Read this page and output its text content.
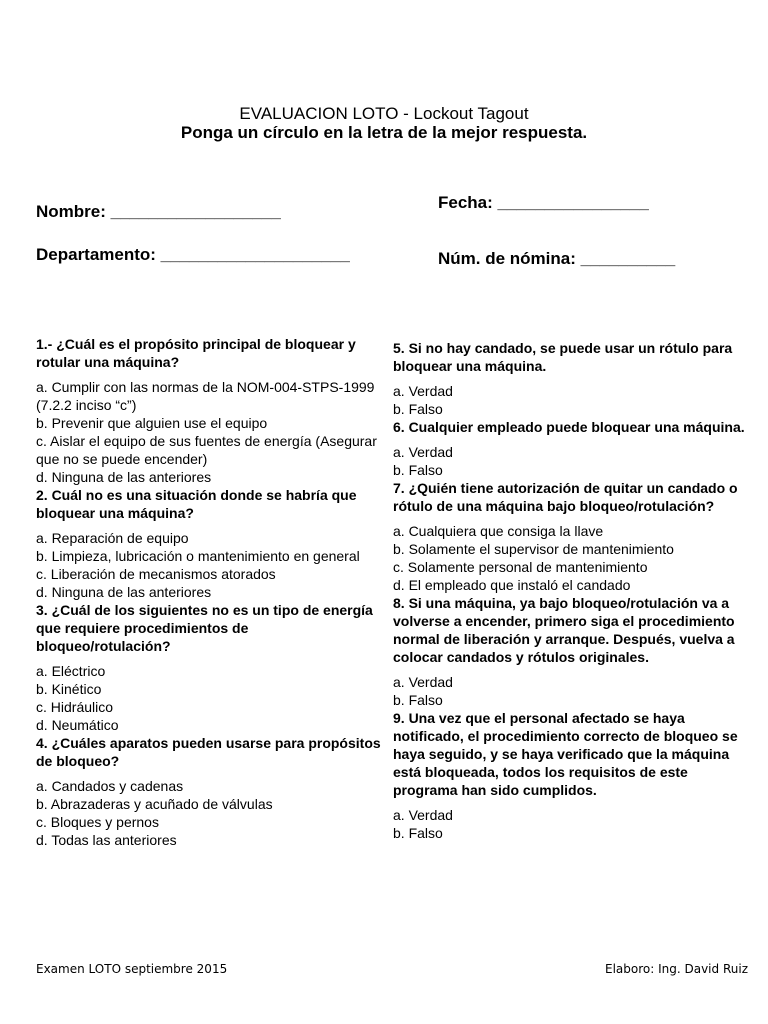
EVALUACION LOTO - Lockout Tagout
Ponga un círculo en la letra de la mejor respuesta.
Nombre: __________________
Departamento: ____________________
Fecha: ________________
Núm. de nómina: __________

1.- ¿Cuál es el propósito principal de bloquear y rotular una máquina?

a. Cumplir con las normas de la NOM-004-STPS-1999 (7.2.2 inciso “c”)

b. Prevenir que alguien use el equipo

c. Aislar el equipo de sus fuentes de energía (Asegurar que no se puede encender)

d. Ninguna de las anteriores

2. Cuál no es una situación donde se habría que bloquear una máquina?

a. Reparación de equipo

b. Limpieza, lubricación o mantenimiento en general

c. Liberación de mecanismos atorados

d. Ninguna de las anteriores

3. ¿Cuál de los siguientes no es un tipo de energía que requiere procedimientos de bloqueo/rotulación?

a. Eléctrico

b. Kinético

c. Hidráulico

d. Neumático

4. ¿Cuáles aparatos pueden usarse para propósitos de bloqueo?

a. Candados y cadenas

b. Abrazaderas y acuñado de válvulas

c. Bloques y pernos

d. Todas las anteriores

5. Si no hay candado, se puede usar un rótulo para bloquear una máquina.

a. Verdad

b. Falso

6. Cualquier empleado puede bloquear una máquina.

a. Verdad

b. Falso

7. ¿Quién tiene autorización de quitar un candado o rótulo de una máquina bajo bloqueo/rotulación?

a. Cualquiera que consiga la llave

b. Solamente el supervisor de mantenimiento

c. Solamente personal de mantenimiento

d. El empleado que instaló el candado

8. Si una máquina, ya bajo bloqueo/rotulación va a volverse a encender, primero siga el procedimiento normal de liberación y arranque. Después, vuelva a colocar candados y rótulos originales.

a. Verdad

b. Falso

9. Una vez que el personal afectado se haya notificado, el procedimiento correcto de bloqueo se haya seguido, y se haya verificado que la máquina está bloqueada, todos los requisitos de este programa han sido cumplidos.

a. Verdad

b. Falso

Examen LOTO septiembre 2015	Elaboro: Ing. David Ruiz
